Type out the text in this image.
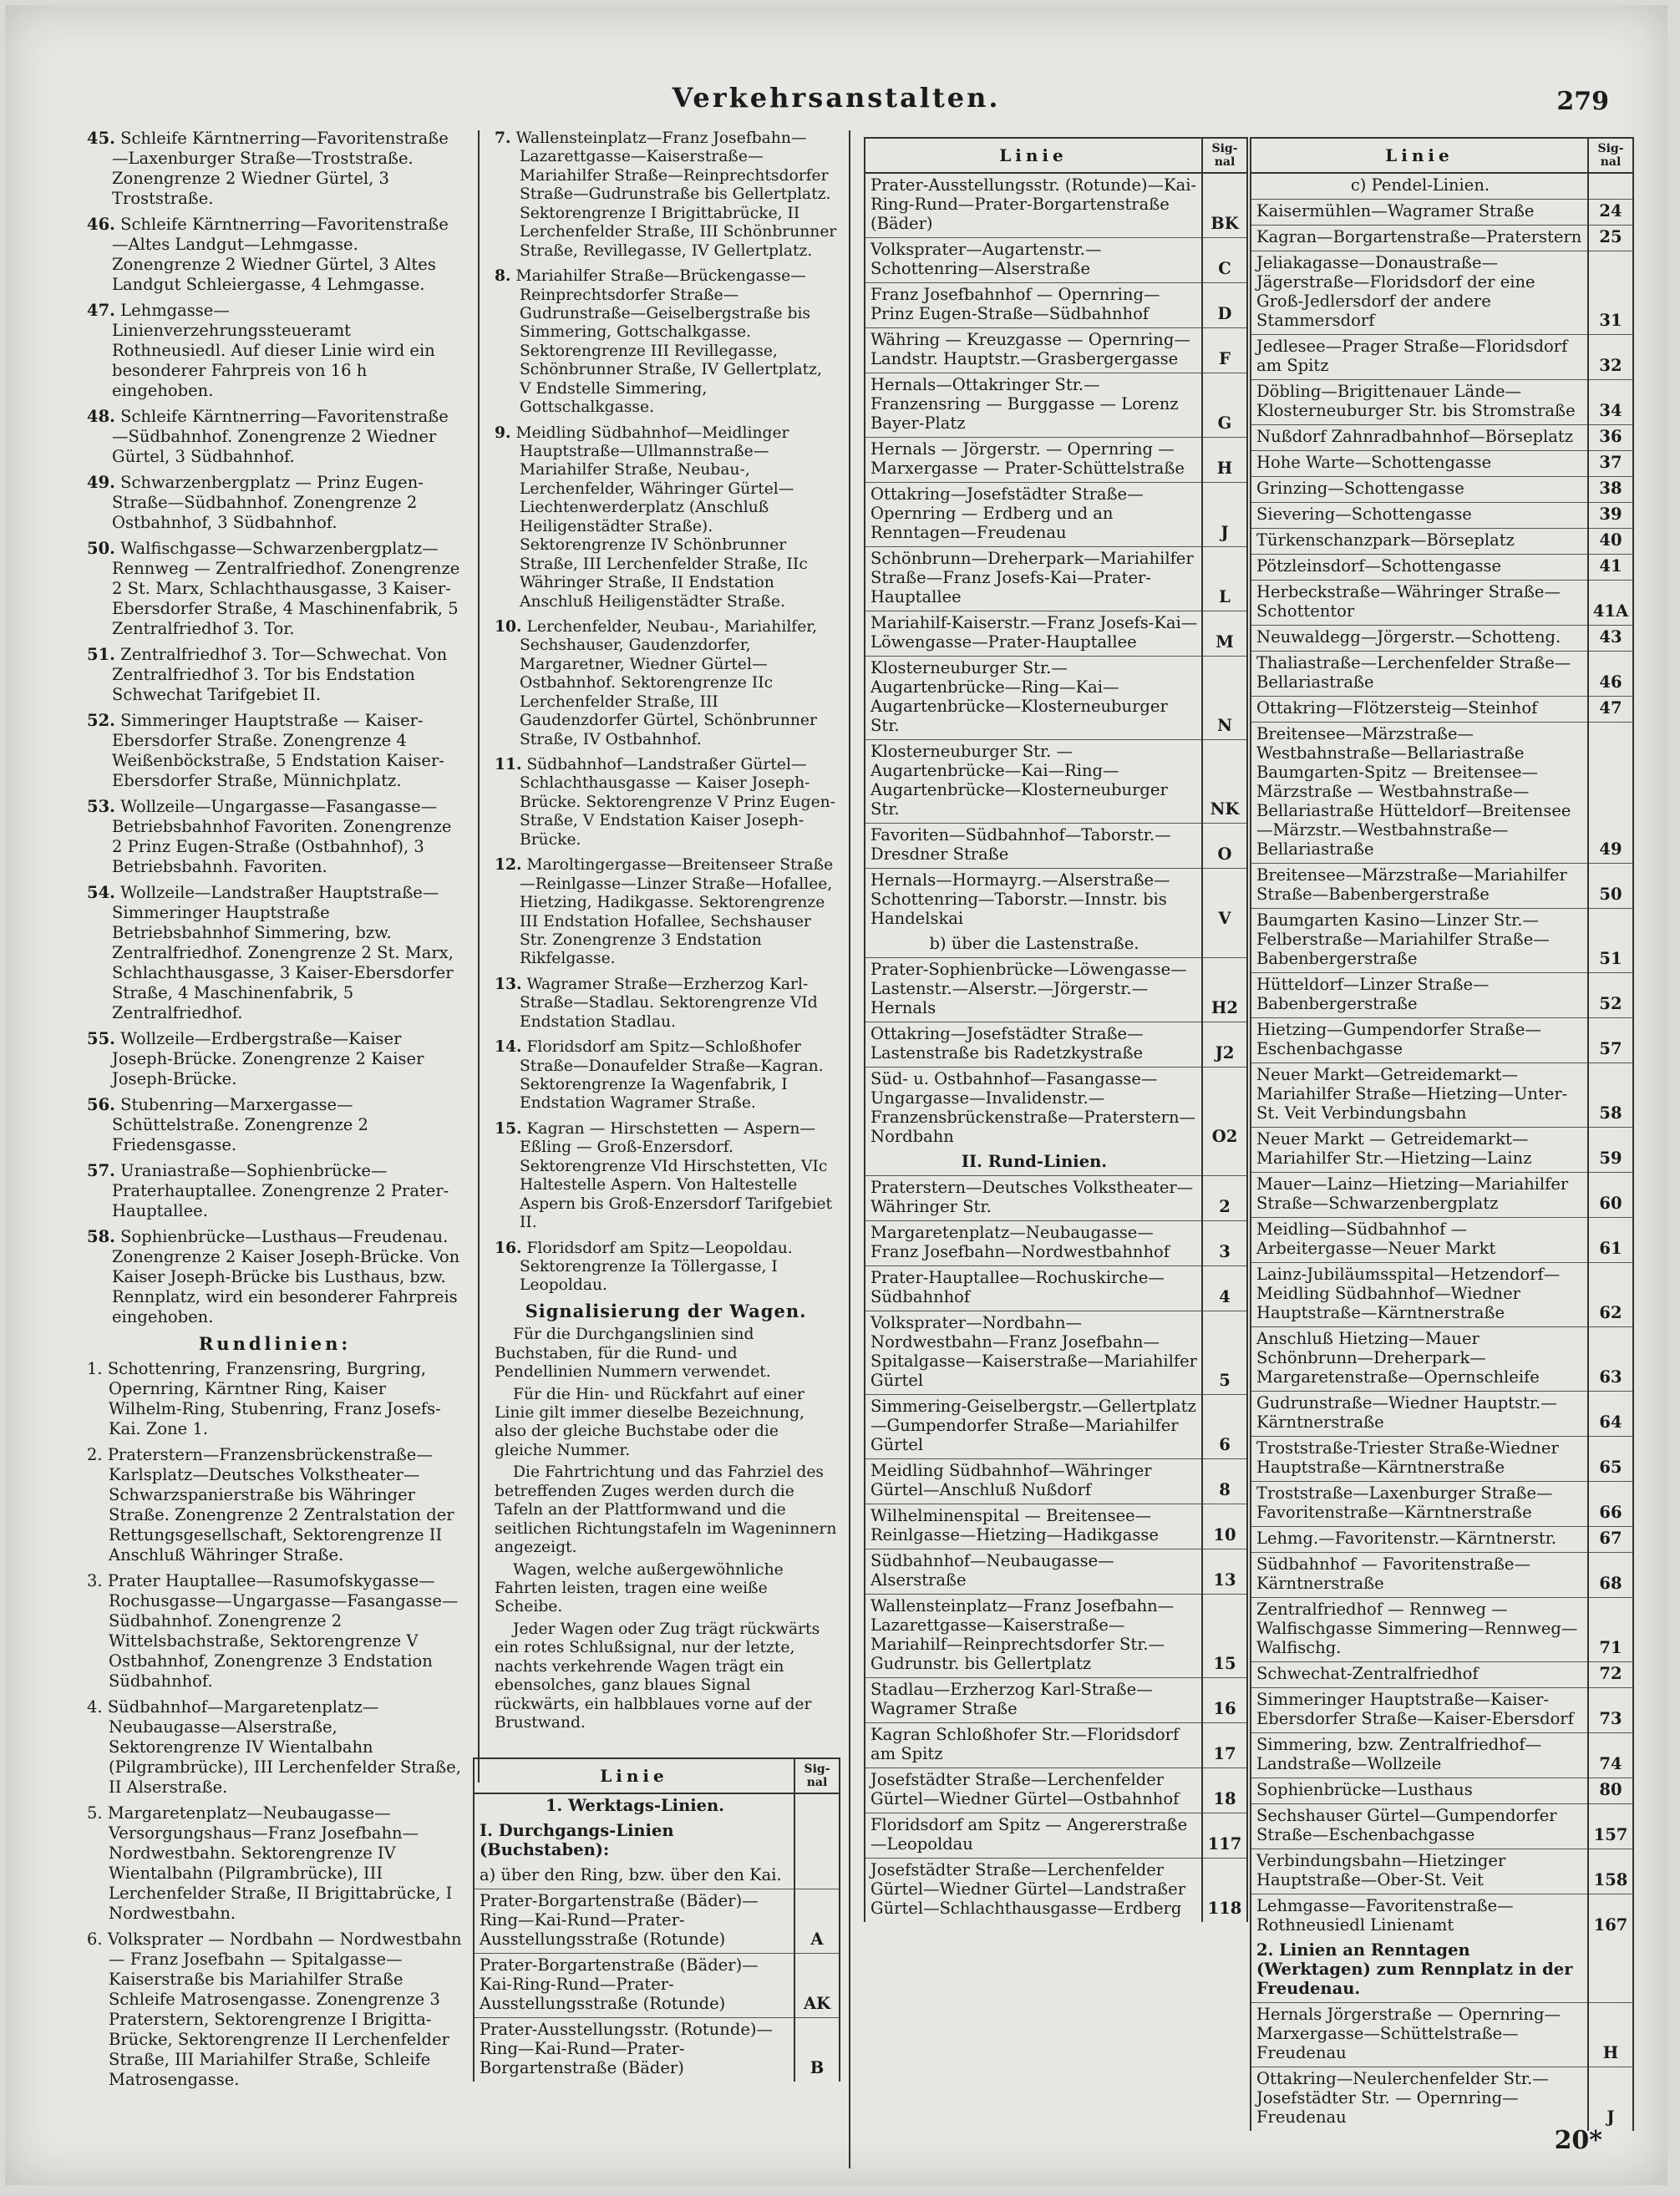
Verkehrsanstalten.	279
45. Schleife Kärntnerring—Favoritenstraße—Laxenburger Straße—Troststraße. Zonengrenze 2 Wiedner Gürtel, 3 Troststraße.
46. Schleife Kärntnerring—Favoritenstraße—Altes Landgut—Lehmgasse. Zonengrenze 2 Wiedner Gürtel, 3 Altes Landgut Schleiergasse, 4 Lehmgasse.
47. Lehmgasse—Linienverzehrungssteueramt Rothneusiedl. Auf dieser Linie wird ein besonderer Fahrpreis von 16 h eingehoben.
48. Schleife Kärntnerring—Favoritenstraße—Südbahnhof. Zonengrenze 2 Wiedner Gürtel, 3 Südbahnhof.
49. Schwarzenbergplatz — Prinz Eugen-Straße—Südbahnhof. Zonengrenze 2 Ostbahnhof, 3 Südbahnhof.
50. Walfischgasse—Schwarzenbergplatz—Rennweg — Zentralfriedhof. Zonengrenze 2 St. Marx, Schlachthausgasse, 3 Kaiser-Ebersdorfer Straße, 4 Maschinenfabrik, 5 Zentralfriedhof 3. Tor.
51. Zentralfriedhof 3. Tor—Schwechat. Von Zentralfriedhof 3. Tor bis Endstation Schwechat Tarifgebiet II.
52. Simmeringer Hauptstraße — Kaiser-Ebersdorfer Straße. Zonengrenze 4 Weißenböckstraße, 5 Endstation Kaiser-Ebersdorfer Straße, Münnichplatz.
53. Wollzeile—Ungargasse—Fasangasse—Betriebsbahnhof Favoriten. Zonengrenze 2 Prinz Eugen-Straße (Ostbahnhof), 3 Betriebsbahnh. Favoriten.
54. Wollzeile—Landstraßer Hauptstraße—Simmeringer Hauptstraße Betriebsbahnhof Simmering, bzw. Zentralfriedhof. Zonengrenze 2 St. Marx, Schlachthausgasse, 3 Kaiser-Ebersdorfer Straße, 4 Maschinenfabrik, 5 Zentralfriedhof.
55. Wollzeile—Erdbergstraße—Kaiser Joseph-Brücke. Zonengrenze 2 Kaiser Joseph-Brücke.
56. Stubenring—Marxergasse—Schüttelstraße. Zonengrenze 2 Friedensgasse.
57. Uraniastraße—Sophienbrücke—Praterhauptallee. Zonengrenze 2 Prater-Hauptallee.
58. Sophienbrücke—Lusthaus—Freudenau. Zonengrenze 2 Kaiser Joseph-Brücke. Von Kaiser Joseph-Brücke bis Lusthaus, bzw. Rennplatz, wird ein besonderer Fahrpreis eingehoben.
Rundlinien:
1. Schottenring, Franzensring, Burgring, Opernring, Kärntner Ring, Kaiser Wilhelm-Ring, Stubenring, Franz Josefs-Kai. Zone 1.
2. Praterstern—Franzensbrückenstraße—Karlsplatz—Deutsches Volkstheater—Schwarzspanierstraße bis Währinger Straße. Zonengrenze 2 Zentralstation der Rettungsgesellschaft, Sektorengrenze II Anschluß Währinger Straße.
3. Prater Hauptallee—Rasumofskygasse—Rochusgasse—Ungargasse—Fasangasse—Südbahnhof. Zonengrenze 2 Wittelsbachstraße, Sektorengrenze V Ostbahnhof, Zonengrenze 3 Endstation Südbahnhof.
4. Südbahnhof—Margaretenplatz—Neubaugasse—Alserstraße, Sektorengrenze IV Wientalbahn (Pilgrambrücke), III Lerchenfelder Straße, II Alserstraße.
5. Margaretenplatz—Neubaugasse—Versorgungshaus—Franz Josefbahn—Nordwestbahn. Sektorengrenze IV Wientalbahn (Pilgrambrücke), III Lerchenfelder Straße, II Brigittabrücke, I Nordwestbahn.
6. Volksprater — Nordbahn — Nordwestbahn — Franz Josefbahn — Spitalgasse—Kaiserstraße bis Mariahilfer Straße Schleife Matrosengasse. Zonengrenze 3 Praterstern, Sektorengrenze I Brigitta-Brücke, Sektorengrenze II Lerchenfelder Straße, III Mariahilfer Straße, Schleife Matrosengasse.
7. Wallensteinplatz—Franz Josefbahn—Lazarettgasse—Kaiserstraße—Mariahilfer Straße—Reinprechtsdorfer Straße—Gudrunstraße bis Gellertplatz. Sektorengrenze I Brigittabrücke, II Lerchenfelder Straße, III Schönbrunner Straße, Revillegasse, IV Gellertplatz.
8. Mariahilfer Straße—Brückengasse—Reinprechtsdorfer Straße—Gudrunstraße—Geiselbergstraße bis Simmering, Gottschalkgasse. Sektorengrenze III Revillegasse, Schönbrunner Straße, IV Gellertplatz, V Endstelle Simmering, Gottschalkgasse.
9. Meidling Südbahnhof—Meidlinger Hauptstraße—Ullmannstraße—Mariahilfer Straße, Neubau-, Lerchenfelder, Währinger Gürtel—Liechtenwerderplatz (Anschluß Heiligenstädter Straße). Sektorengrenze IV Schönbrunner Straße, III Lerchenfelder Straße, IIc Währinger Straße, II Endstation Anschluß Heiligenstädter Straße.
10. Lerchenfelder, Neubau-, Mariahilfer, Sechshauser, Gaudenzdorfer, Margaretner, Wiedner Gürtel—Ostbahnhof. Sektorengrenze IIc Lerchenfelder Straße, III Gaudenzdorfer Gürtel, Schönbrunner Straße, IV Ostbahnhof.
11. Südbahnhof—Landstraßer Gürtel—Schlachthausgasse — Kaiser Joseph-Brücke. Sektorengrenze V Prinz Eugen-Straße, V Endstation Kaiser Joseph-Brücke.
12. Maroltingergasse—Breitenseer Straße—Reinlgasse—Linzer Straße—Hofallee, Hietzing, Hadikgasse. Sektorengrenze III Endstation Hofallee, Sechshauser Str. Zonengrenze 3 Endstation Rikfelgasse.
13. Wagramer Straße—Erzherzog Karl-Straße—Stadlau. Sektorengrenze VId Endstation Stadlau.
14. Floridsdorf am Spitz—Schloßhofer Straße—Donaufelder Straße—Kagran. Sektorengrenze Ia Wagenfabrik, I Endstation Wagramer Straße.
15. Kagran — Hirschstetten — Aspern—Eßling — Groß-Enzersdorf. Sektorengrenze VId Hirschstetten, VIc Haltestelle Aspern. Von Haltestelle Aspern bis Groß-Enzersdorf Tarifgebiet II.
16. Floridsdorf am Spitz—Leopoldau. Sektorengrenze Ia Töllergasse, I Leopoldau.
Signalisierung der Wagen.
Für die Durchgangslinien sind Buchstaben, für die Rund- und Pendellinien Nummern verwendet.
Für die Hin- und Rückfahrt auf einer Linie gilt immer dieselbe Bezeichnung, also der gleiche Buchstabe oder die gleiche Nummer.
Die Fahrtrichtung und das Fahrziel des betreffenden Zuges werden durch die Tafeln an der Plattformwand und die seitlichen Richtungstafeln im Wageninnern angezeigt.
Wagen, welche außergewöhnliche Fahrten leisten, tragen eine weiße Scheibe.
Jeder Wagen oder Zug trägt rückwärts ein rotes Schlußsignal, nur der letzte, nachts verkehrende Wagen trägt ein ebensolches, ganz blaues Signal rückwärts, ein halbblaues vorne auf der Brustwand.
Linie	Sig-nal
1. Werktags-Linien.	
I. Durchgangs-Linien (Buchstaben):	
a) über den Ring, bzw. über den Kai.	
Prater-Borgartenstraße (Bäder)—Ring—Kai-Rund—Prater-Ausstellungsstraße (Rotunde)	A
Prater-Borgartenstraße (Bäder)—Kai-Ring-Rund—Prater-Ausstellungsstraße (Rotunde)	AK
Prater-Ausstellungsstr. (Rotunde)—Ring—Kai-Rund—Prater-Borgartenstraße (Bäder)	B
Linie	Sig-nal
Prater-Ausstellungsstr. (Rotunde)—Kai-Ring-Rund—Prater-Borgartenstraße (Bäder)	BK
Volksprater—Augartenstr.—Schottenring—Alserstraße	C
Franz Josefbahnhof — Opernring—Prinz Eugen-Straße—Südbahnhof	D
Währing — Kreuzgasse — Opernring—Landstr. Hauptstr.—Grasbergergasse	F
Hernals—Ottakringer Str.—Franzensring — Burggasse — Lorenz Bayer-Platz	G
Hernals — Jörgerstr. — Opernring — Marxergasse — Prater-Schüttelstraße	H
Ottakring—Josefstädter Straße—Opernring — Erdberg und an Renntagen—Freudenau	J
Schönbrunn—Dreherpark—Mariahilfer Straße—Franz Josefs-Kai—Prater-Hauptallee	L
Mariahilf-Kaiserstr.—Franz Josefs-Kai—Löwengasse—Prater-Hauptallee	M
Klosterneuburger Str.—Augartenbrücke—Ring—Kai—Augartenbrücke—Klosterneuburger Str.	N
Klosterneuburger Str. — Augartenbrücke—Kai—Ring—Augartenbrücke—Klosterneuburger Str.	NK
Favoriten—Südbahnhof—Taborstr.—Dresdner Straße	O
Hernals—Hormayrg.—Alserstraße—Schottenring—Taborstr.—Innstr. bis Handelskai	V
b) über die Lastenstraße.	
Prater-Sophienbrücke—Löwengasse—Lastenstr.—Alserstr.—Jörgerstr.—Hernals	H2
Ottakring—Josefstädter Straße—Lastenstraße bis Radetzkystraße	J2
Süd- u. Ostbahnhof—Fasangasse—Ungargasse—Invalidenstr.—Franzensbrückenstraße—Praterstern—Nordbahn	O2
II. Rund-Linien.	
Praterstern—Deutsches Volkstheater—Währinger Str.	2
Margaretenplatz—Neubaugasse—Franz Josefbahn—Nordwestbahnhof	3
Prater-Hauptallee—Rochuskirche—Südbahnhof	4
Volksprater—Nordbahn—Nordwestbahn—Franz Josefbahn—Spitalgasse—Kaiserstraße—Mariahilfer Gürtel	5
Simmering-Geiselbergstr.—Gellertplatz—Gumpendorfer Straße—Mariahilfer Gürtel	6
Meidling Südbahnhof—Währinger Gürtel—Anschluß Nußdorf	8
Wilhelminenspital — Breitensee—Reinlgasse—Hietzing—Hadikgasse	10
Südbahnhof—Neubaugasse—Alserstraße	13
Wallensteinplatz—Franz Josefbahn—Lazarettgasse—Kaiserstraße—Mariahilf—Reinprechtsdorfer Str.—Gudrunstr. bis Gellertplatz	15
Stadlau—Erzherzog Karl-Straße—Wagramer Straße	16
Kagran Schloßhofer Str.—Floridsdorf am Spitz	17
Josefstädter Straße—Lerchenfelder Gürtel—Wiedner Gürtel—Ostbahnhof	18
Floridsdorf am Spitz — Angererstraße—Leopoldau	117
Josefstädter Straße—Lerchenfelder Gürtel—Wiedner Gürtel—Landstraßer Gürtel—Schlachthausgasse—Erdberg	118
Linie	Sig-nal
c) Pendel-Linien.	
Kaisermühlen—Wagramer Straße	24
Kagran—Borgartenstraße—Praterstern	25
Jeliakagasse—Donaustraße—Jägerstraße—Floridsdorf der eine Groß-Jedlersdorf der andere Stammersdorf	31
Jedlesee—Prager Straße—Floridsdorf am Spitz	32
Döbling—Brigittenauer Lände—Klosterneuburger Str. bis Stromstraße	34
Nußdorf Zahnradbahnhof—Börseplatz	36
Hohe Warte—Schottengasse	37
Grinzing—Schottengasse	38
Sievering—Schottengasse	39
Türkenschanzpark—Börseplatz	40
Pötzleinsdorf—Schottengasse	41
Herbeckstraße—Währinger Straße—Schottentor	41A
Neuwaldegg—Jörgerstr.—Schotteng.	43
Thaliastraße—Lerchenfelder Straße—Bellariastraße	46
Ottakring—Flötzersteig—Steinhof	47
Breitensee—Märzstraße—Westbahnstraße—Bellariastraße Baumgarten-Spitz — Breitensee—Märzstraße — Westbahnstraße—Bellariastraße Hütteldorf—Breitensee—Märzstr.—Westbahnstraße—Bellariastraße	49
Breitensee—Märzstraße—Mariahilfer Straße—Babenbergerstraße	50
Baumgarten Kasino—Linzer Str.—Felberstraße—Mariahilfer Straße—Babenbergerstraße	51
Hütteldorf—Linzer Straße—Babenbergerstraße	52
Hietzing—Gumpendorfer Straße—Eschenbachgasse	57
Neuer Markt—Getreidemarkt—Mariahilfer Straße—Hietzing—Unter-St. Veit Verbindungsbahn	58
Neuer Markt — Getreidemarkt—Mariahilfer Str.—Hietzing—Lainz	59
Mauer—Lainz—Hietzing—Mariahilfer Straße—Schwarzenbergplatz	60
Meidling—Südbahnhof — Arbeitergasse—Neuer Markt	61
Lainz-Jubiläumsspital—Hetzendorf—Meidling Südbahnhof—Wiedner Hauptstraße—Kärntnerstraße	62
Anschluß Hietzing—Mauer Schönbrunn—Dreherpark—Margaretenstraße—Opernschleife	63
Gudrunstraße—Wiedner Hauptstr.—Kärntnerstraße	64
Troststraße-Triester Straße-Wiedner Hauptstraße—Kärntnerstraße	65
Troststraße—Laxenburger Straße—Favoritenstraße—Kärntnerstraße	66
Lehmg.—Favoritenstr.—Kärntnerstr.	67
Südbahnhof — Favoritenstraße—Kärntnerstraße	68
Zentralfriedhof — Rennweg — Walfischgasse Simmering—Rennweg—Walfischg.	71
Schwechat-Zentralfriedhof	72
Simmeringer Hauptstraße—Kaiser-Ebersdorfer Straße—Kaiser-Ebersdorf	73
Simmering, bzw. Zentralfriedhof—Landstraße—Wollzeile	74
Sophienbrücke—Lusthaus	80
Sechshauser Gürtel—Gumpendorfer Straße—Eschenbachgasse	157
Verbindungsbahn—Hietzinger Hauptstraße—Ober-St. Veit	158
Lehmgasse—Favoritenstraße—Rothneusiedl Linienamt	167
2. Linien an Renntagen (Werktagen) zum Rennplatz in der Freudenau.	
Hernals Jörgerstraße — Opernring—Marxergasse—Schüttelstraße—Freudenau	H
Ottakring—Neulerchenfelder Str.—Josefstädter Str. — Opernring—Freudenau	J
20*
